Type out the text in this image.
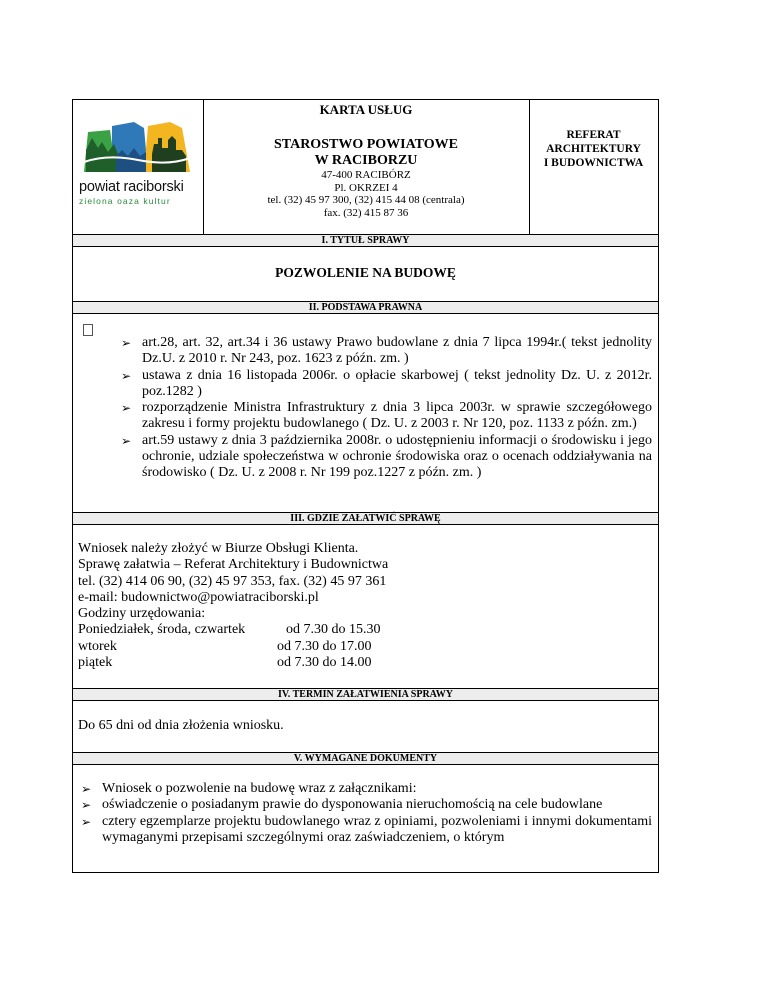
powiat raciborski
zielona oaza kultur
KARTA USŁUG
STAROSTWO POWIATOWE
W RACIBORZU
47-400 RACIBÓRZ
Pl. OKRZEI 4
tel. (32) 45 97 300, (32) 415 44 08 (centrala)
fax. (32) 415 87 36
REFERAT
ARCHITEKTURY
I BUDOWNICTWA
I. TYTUŁ SPRAWY
POZWOLENIE NA BUDOWĘ
II. PODSTAWA PRAWNA
➢ art.28, art. 32, art.34 i 36 ustawy Prawo budowlane z dnia 7 lipca 1994r.( tekst jednolity Dz.U. z 2010 r. Nr 243, poz. 1623 z późn. zm. )
➢ ustawa z dnia 16 listopada 2006r. o opłacie skarbowej ( tekst jednolity Dz. U. z 2012r. poz.1282 )
➢ rozporządzenie Ministra Infrastruktury z dnia 3 lipca 2003r. w sprawie szczegółowego zakresu i formy projektu budowlanego ( Dz. U. z 2003 r. Nr 120, poz. 1133 z późn. zm.)
➢ art.59 ustawy z dnia 3 października 2008r. o udostępnieniu informacji o środowisku i jego ochronie, udziale społeczeństwa w ochronie środowiska oraz o ocenach oddziaływania na środowisko ( Dz. U. z 2008 r. Nr 199 poz.1227 z późn. zm. )
III. GDZIE ZAŁATWIĆ SPRAWĘ
Wniosek należy złożyć w Biurze Obsługi Klienta.
Sprawę załatwia – Referat Architektury i Budownictwa
tel. (32) 414 06 90, (32) 45 97 353, fax. (32) 45 97 361
e-mail: budownictwo@powiatraciborski.pl
Godziny urzędowania:
Poniedziałek, środa, czwartek	od 7.30 do 15.30
wtorek	od 7.30 do 17.00
piątek	od 7.30 do 14.00
IV. TERMIN ZAŁATWIENIA SPRAWY
Do 65 dni od dnia złożenia wniosku.
V. WYMAGANE DOKUMENTY
➢ Wniosek o pozwolenie na budowę wraz z załącznikami:
➢ oświadczenie o posiadanym prawie do dysponowania nieruchomością na cele budowlane
➢ cztery egzemplarze projektu budowlanego wraz z opiniami, pozwoleniami i innymi dokumentami wymaganymi przepisami szczególnymi oraz zaświadczeniem, o którym
